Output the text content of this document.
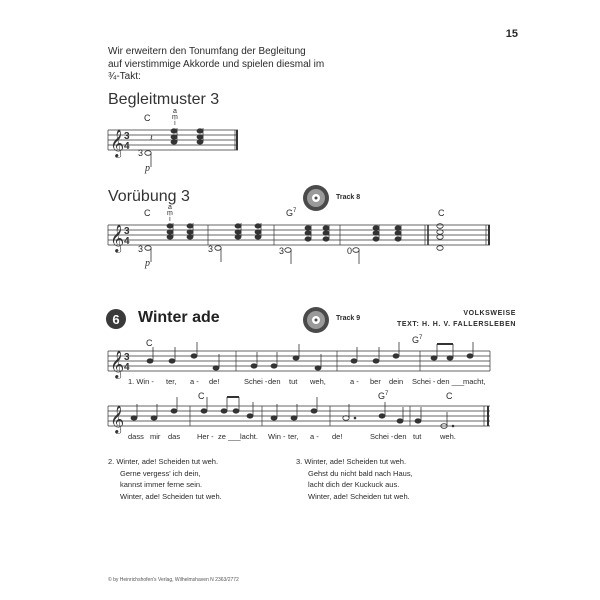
15
Wir erweitern den Tonumfang der Begleitung
auf vierstimmige Akkorde und spielen diesmal im
¾-Takt:
Begleitmuster 3
C
a
m
i
3
p
𝄞
𝄞
𝄞
𝄞
3
4
3
4
3
4
𝄽
Vorübung 3	Track 8
C	$G^7$	C
a
m
i
3	3	3	0
p
6	Winter ade	Track 9
VOLKSWEISE
TEXT: H. H. V. FALLERSLEBEN
C	$G^7$
1. Win - ter, a - de!	Schei - den tut weh,	a - ber dein Schei - den ___
macht,
C	$G^7$	C
dass mir das Her - ze ___ lacht. Win - ter, a - de!	Schei - den tut weh.
2. Winter, ade! Scheiden tut weh.
Gerne vergess' ich dein,
kannst immer ferne sein.
Winter, ade! Scheiden tut weh.
3. Winter, ade! Scheiden tut weh.
Gehst du nicht bald nach Haus,
lacht dich der Kuckuck aus.
Winter, ade! Scheiden tut weh.
© by Heinrichshofen's Verlag, Wilhelmshaven N 2363/2772
